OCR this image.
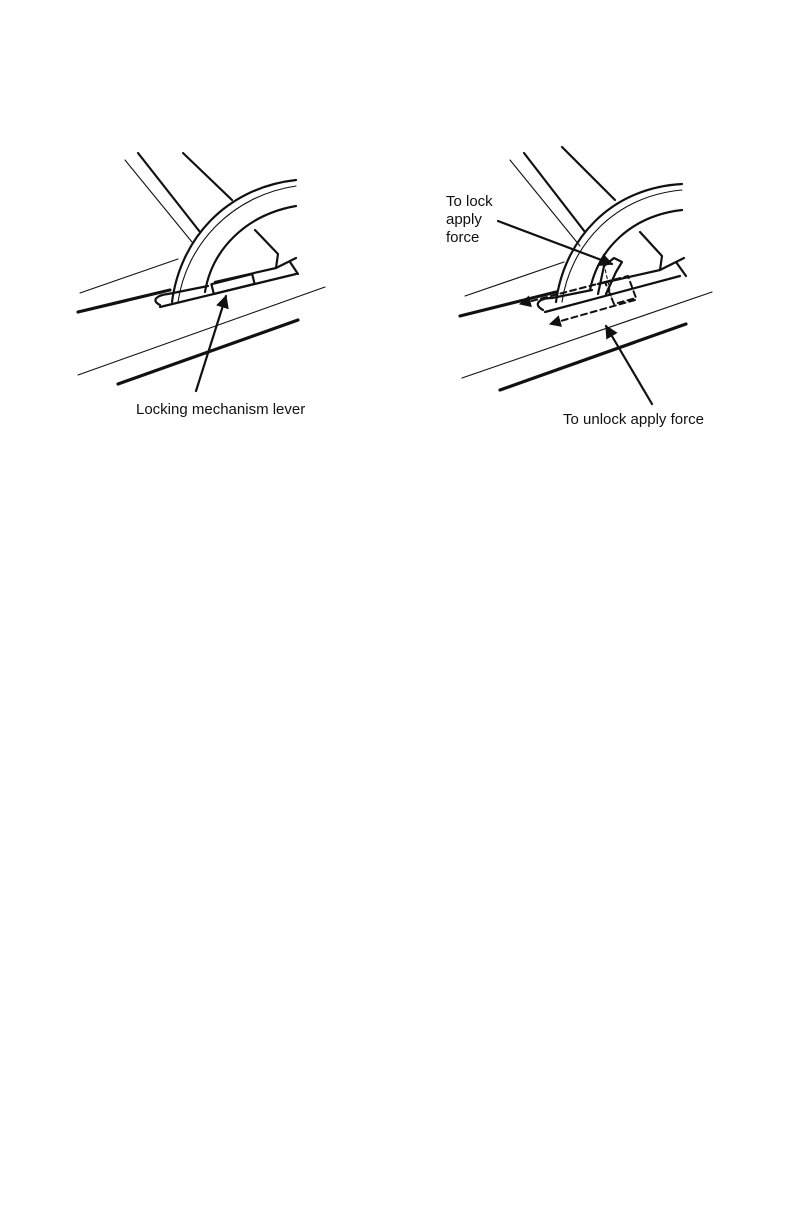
Locking mechanism lever
To lock
apply
force
To unlock apply force
